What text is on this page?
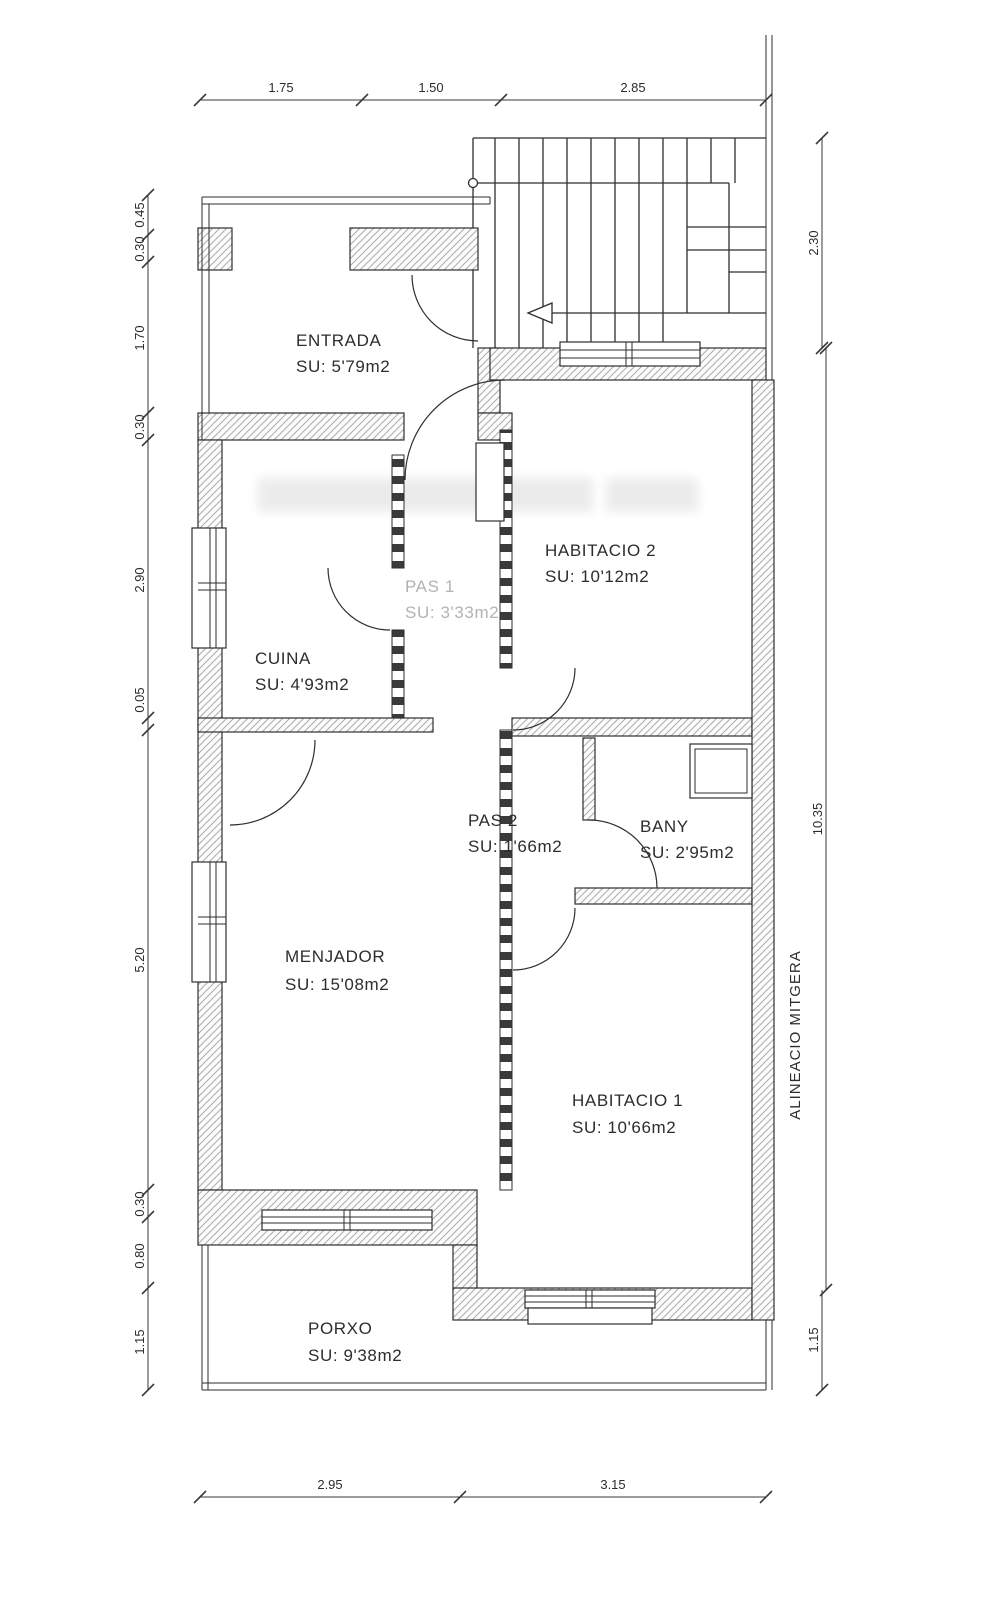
ENTRADA
SU: 5'79m2
HABITACIO 2
SU: 10'12m2
PAS 1
SU: 3'33m2
CUINA
SU: 4'93m2
PAS 2
SU: 1'66m2
BANY
SU: 2'95m2
MENJADOR
SU: 15'08m2
HABITACIO 1
SU: 10'66m2
PORXO
SU: 9'38m2
ALINEACIO MITGERA
1.75	1.50	2.85
2.95	3.15
0.45
0.30
1.70
0.30
2.90
0.05
5.20
0.30
0.80
1.15
2.30
10.35
1.15
